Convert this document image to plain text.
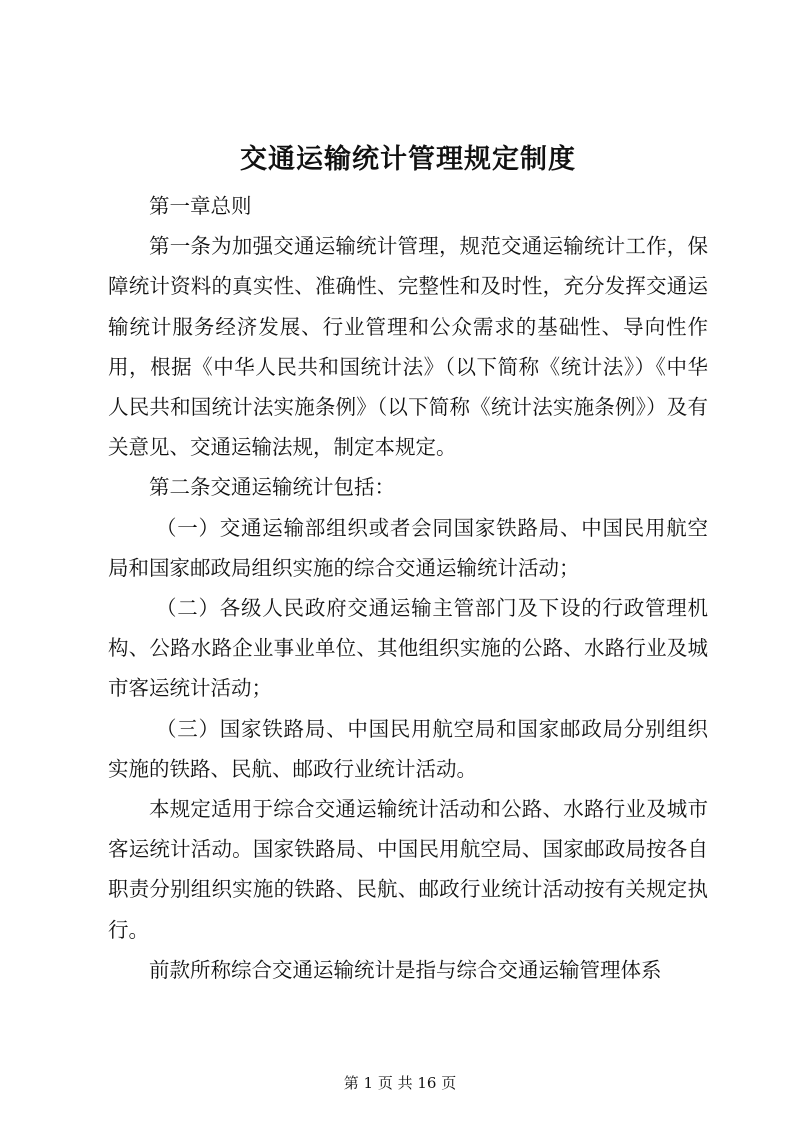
交通运输统计管理规定制度

第一章总则

第一条为加强交通运输统计管理，规范交通运输统计工作，保障统计资料的真实性、准确性、完整性和及时性，充分发挥交通运输统计服务经济发展、行业管理和公众需求的基础性、导向性作用，根据《中华人民共和国统计法》（以下简称《统计法》）《中华人民共和国统计法实施条例》（以下简称《统计法实施条例》）及有关意见、交通运输法规，制定本规定。

第二条交通运输统计包括：

（一）交通运输部组织或者会同国家铁路局、中国民用航空局和国家邮政局组织实施的综合交通运输统计活动；

（二）各级人民政府交通运输主管部门及下设的行政管理机构、公路水路企业事业单位、其他组织实施的公路、水路行业及城市客运统计活动；

（三）国家铁路局、中国民用航空局和国家邮政局分别组织实施的铁路、民航、邮政行业统计活动。

本规定适用于综合交通运输统计活动和公路、水路行业及城市客运统计活动。国家铁路局、中国民用航空局、国家邮政局按各自职责分别组织实施的铁路、民航、邮政行业统计活动按有关规定执行。

前款所称综合交通运输统计是指与综合交通运输管理体系

第 1 页 共 16 页
